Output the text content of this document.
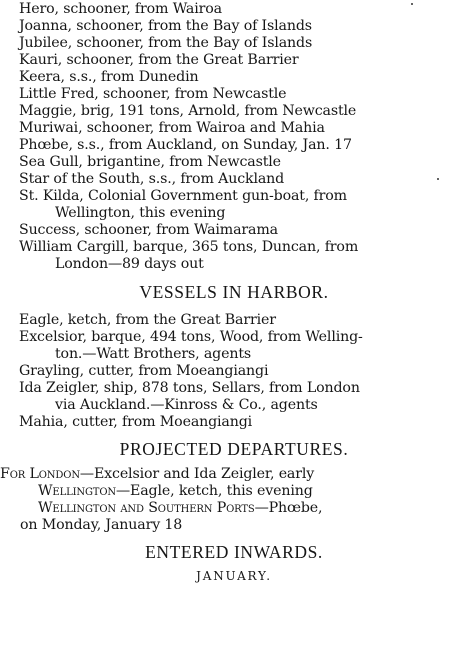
Hero, schooner, from Wairoa
Joanna, schooner, from the Bay of Islands
Jubilee, schooner, from the Bay of Islands
Kauri, schooner, from the Great Barrier
Keera, s.s., from Dunedin
Little Fred, schooner, from Newcastle
Maggie, brig, 191 tons, Arnold, from Newcastle
Muriwai, schooner, from Wairoa and Mahia
Phœbe, s.s., from Auckland, on Sunday, Jan. 17
Sea Gull, brigantine, from Newcastle
Star of the South, s.s., from Auckland
St. Kilda, Colonial Government gun-boat, from
Wellington, this evening
Success, schooner, from Waimarama
William Cargill, barque, 365 tons, Duncan, from
London—89 days out
VESSELS IN HARBOR.
Eagle, ketch, from the Great Barrier
Excelsior, barque, 494 tons, Wood, from Welling-
ton.—Watt Brothers, agents
Grayling, cutter, from Moeangiangi
Ida Zeigler, ship, 878 tons, Sellars, from London
via Auckland.—Kinross & Co., agents
Mahia, cutter, from Moeangiangi
PROJECTED DEPARTURES.
For London—Excelsior and Ida Zeigler, early
Wellington—Eagle, ketch, this evening
Wellington and Southern Ports—Phœbe,
on Monday, January 18
ENTERED INWARDS.
JANUARY.
